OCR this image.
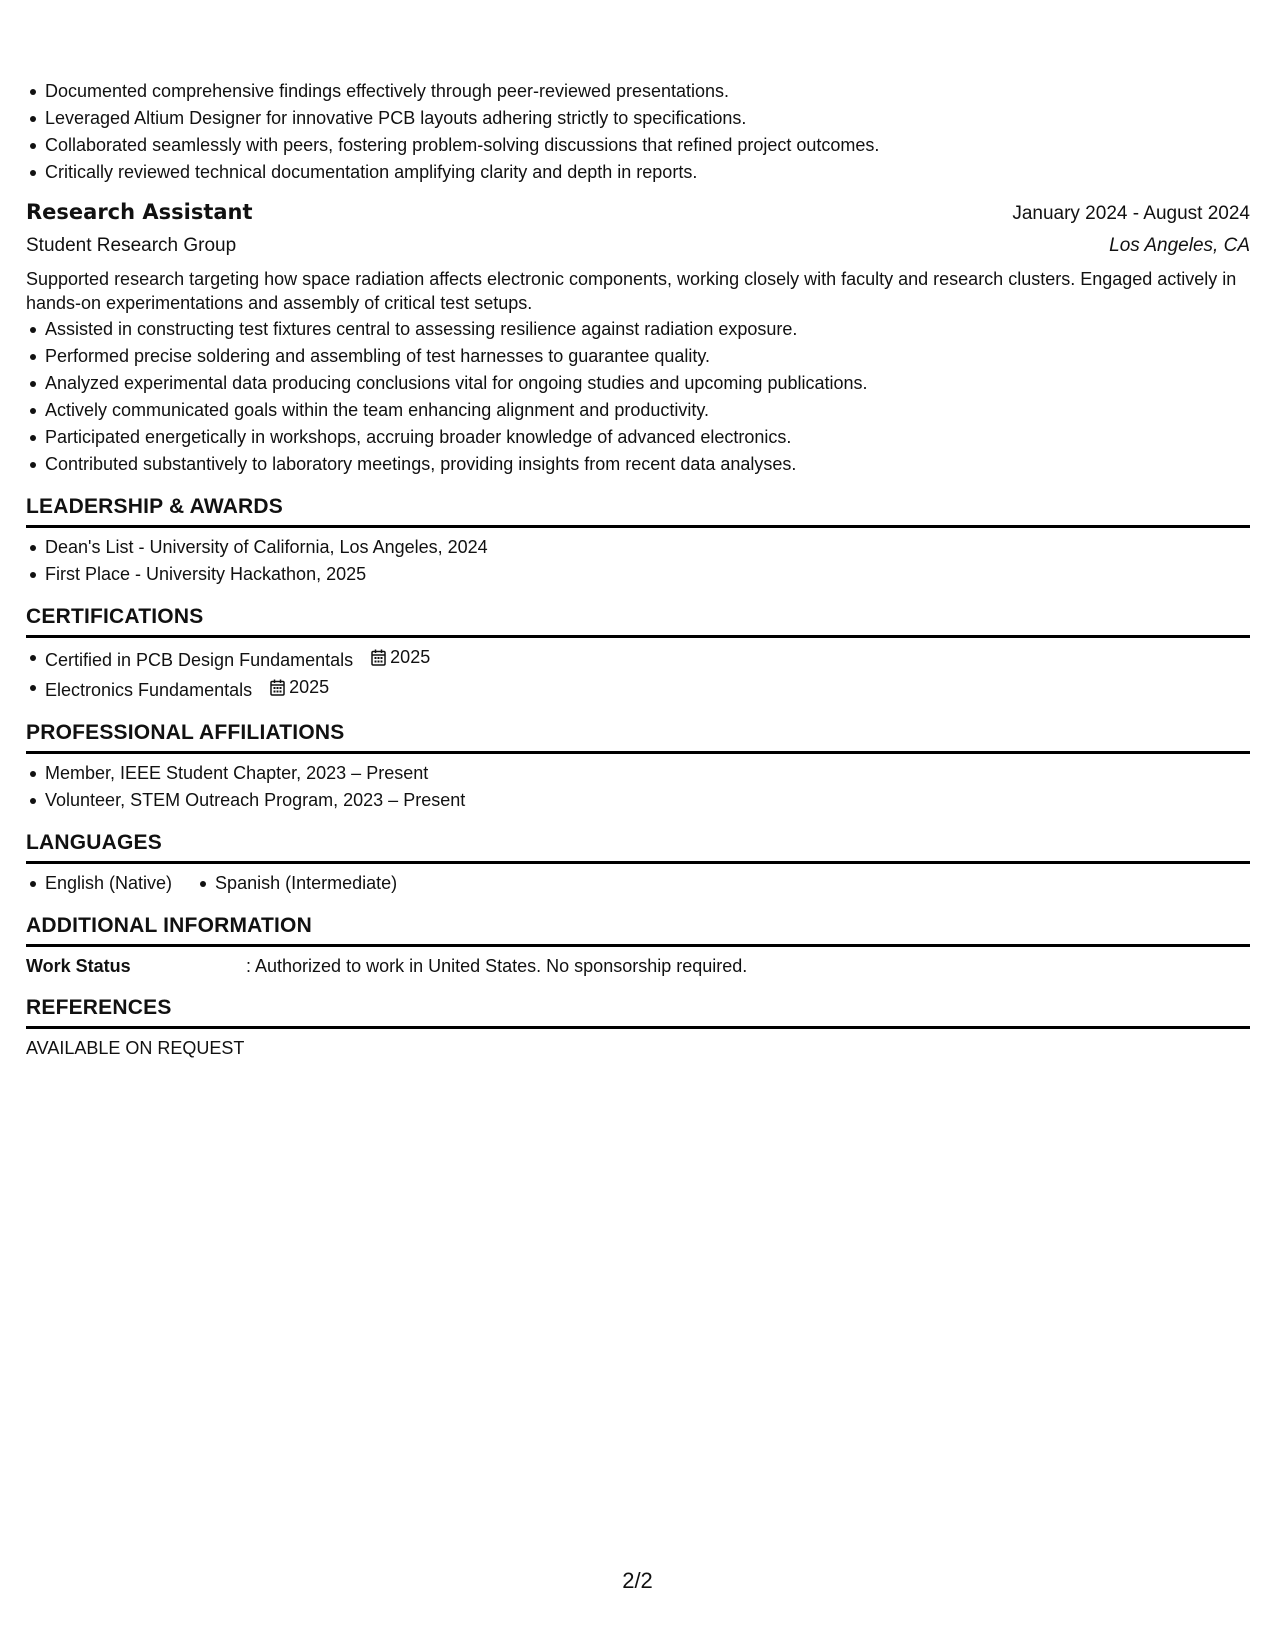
Documented comprehensive findings effectively through peer-reviewed presentations.
Leveraged Altium Designer for innovative PCB layouts adhering strictly to specifications.
Collaborated seamlessly with peers, fostering problem-solving discussions that refined project outcomes.
Critically reviewed technical documentation amplifying clarity and depth in reports.
Research Assistant	January 2024 - August 2024
Student Research Group	Los Angeles, CA
Supported research targeting how space radiation affects electronic components, working closely with faculty and research clusters. Engaged actively in hands-on experimentations and assembly of critical test setups.
Assisted in constructing test fixtures central to assessing resilience against radiation exposure.
Performed precise soldering and assembling of test harnesses to guarantee quality.
Analyzed experimental data producing conclusions vital for ongoing studies and upcoming publications.
Actively communicated goals within the team enhancing alignment and productivity.
Participated energetically in workshops, accruing broader knowledge of advanced electronics.
Contributed substantively to laboratory meetings, providing insights from recent data analyses.
LEADERSHIP & AWARDS
Dean's List - University of California, Los Angeles, 2024
First Place - University Hackathon, 2025
CERTIFICATIONS
Certified in PCB Design Fundamentals 2025
Electronics Fundamentals 2025
PROFESSIONAL AFFILIATIONS
Member, IEEE Student Chapter, 2023 – Present
Volunteer, STEM Outreach Program, 2023 – Present
LANGUAGES
English (Native)	Spanish (Intermediate)
ADDITIONAL INFORMATION
Work Status	: Authorized to work in United States. No sponsorship required.
REFERENCES
AVAILABLE ON REQUEST
2/2
